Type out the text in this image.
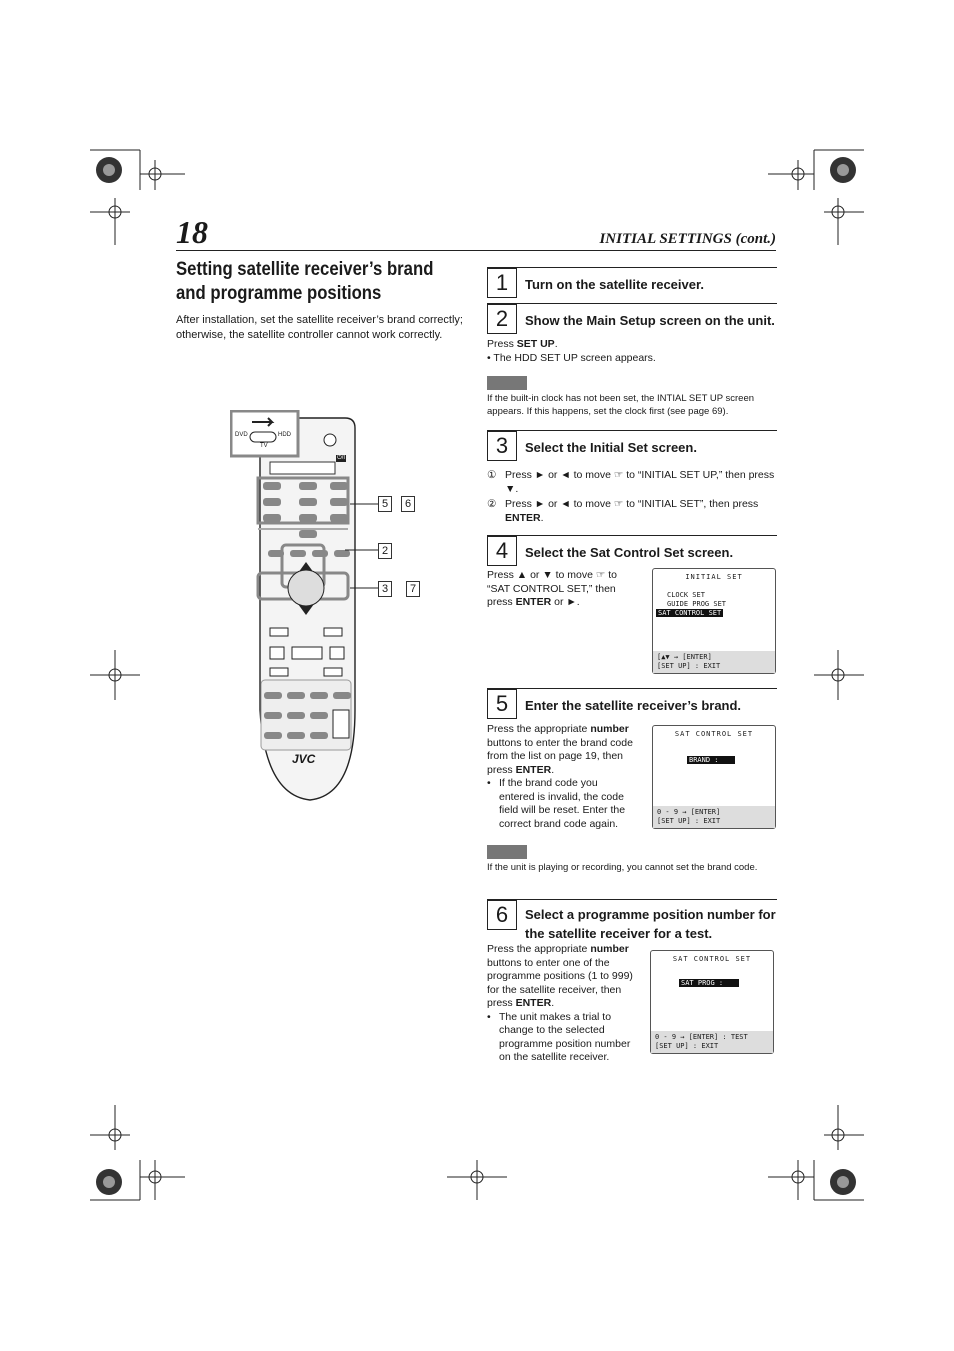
18	INITIAL SETTINGS (cont.)
Setting satellite receiver’s brand and programme positions
After installation, set the satellite receiver’s brand correctly; otherwise, the satellite controller cannot work correctly.
DVD	HDD
TV
⏻/I
JVC
5	6
2
3	7
1	Turn on the satellite receiver.
2	Show the Main Setup screen on the unit.
Press SET UP.
• The HDD SET UP screen appears.
If the built-in clock has not been set, the INTIAL SET UP screen appears. If this happens, set the clock first (see page 69).
3	Select the Initial Set screen.
① Press ► or ◄ to move ☞ to “INITIAL SET UP,” then press ▼.
② Press ► or ◄ to move ☞ to “INITIAL SET”, then press ENTER.
4	Select the Sat Control Set screen.
Press ▲ or ▼ to move ☞ to “SAT CONTROL SET,” then press ENTER or ►.
INITIAL SET
CLOCK SET
GUIDE PROG SET
SAT CONTROL SET
[▲▼ → [ENTER]
[SET UP] : EXIT
5	Enter the satellite receiver’s brand.
Press the appropriate number buttons to enter the brand code from the list on page 19, then press ENTER.
• If the brand code you entered is invalid, the code field will be reset. Enter the correct brand code again.
If the unit is playing or recording, you cannot set the brand code.
SAT CONTROL SET
BRAND :
0 - 9 → [ENTER]
[SET UP] : EXIT
6	Select a programme position number for the satellite receiver for a test.
Press the appropriate number buttons to enter one of the programme positions (1 to 999) for the satellite receiver, then press ENTER.
• The unit makes a trial to change to the selected programme position number on the satellite receiver.
SAT CONTROL SET
SAT PROG :
0 - 9 → [ENTER] : TEST
[SET UP] : EXIT
